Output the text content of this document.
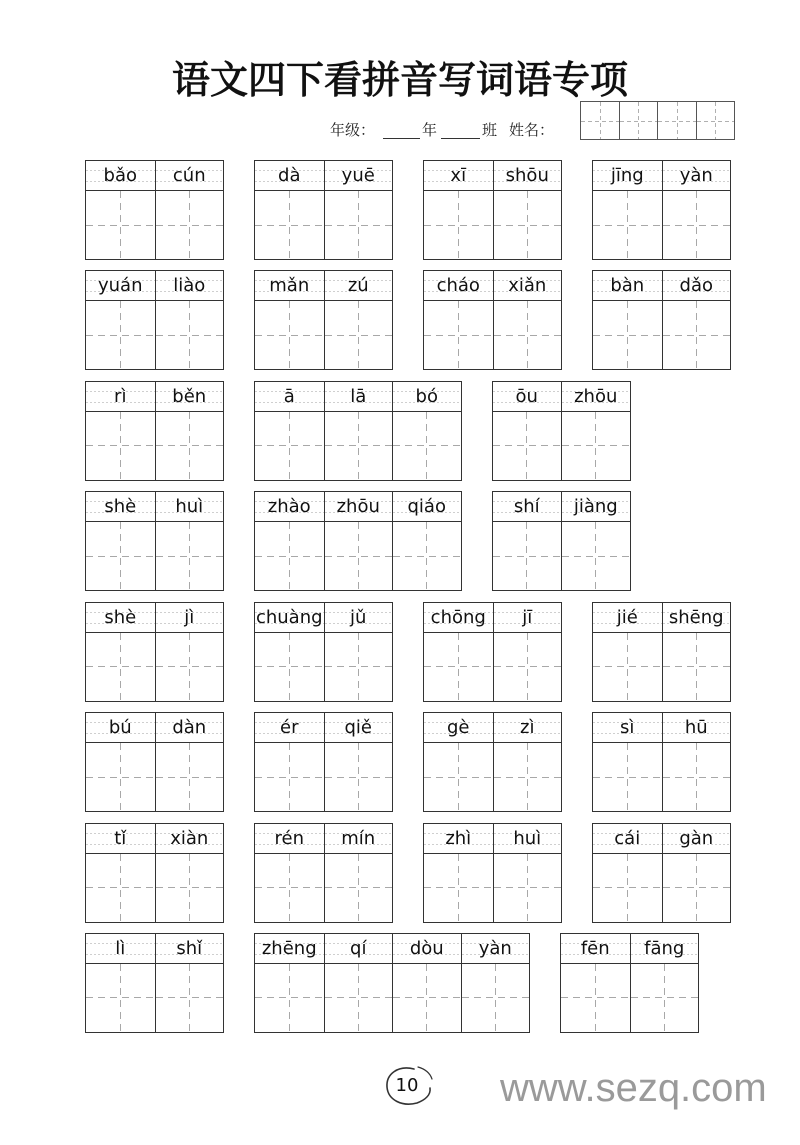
语文四下看拼音写词语专项
年级：	年	班 姓名：
bǎo	cún	dà	yuē	xī	shōu	jīng	yàn
yuán	liào	mǎn	zú	cháo	xiǎn	bàn	dǎo
rì	běn	ā	lā	bó	ōu	zhōu
shè	huì	zhào	zhōu	qiáo	shí	jiàng
shè	jì	chuàng	jǔ	chōng	jī	jié	shēng
bú	dàn	ér	qiě	gè	zì	sì	hū
tǐ	xiàn	rén	mín	zhì	huì	cái	gàn
lì	shǐ	zhēng	qí	dòu	yàn	fēn	fāng
10 www.sezq.com
